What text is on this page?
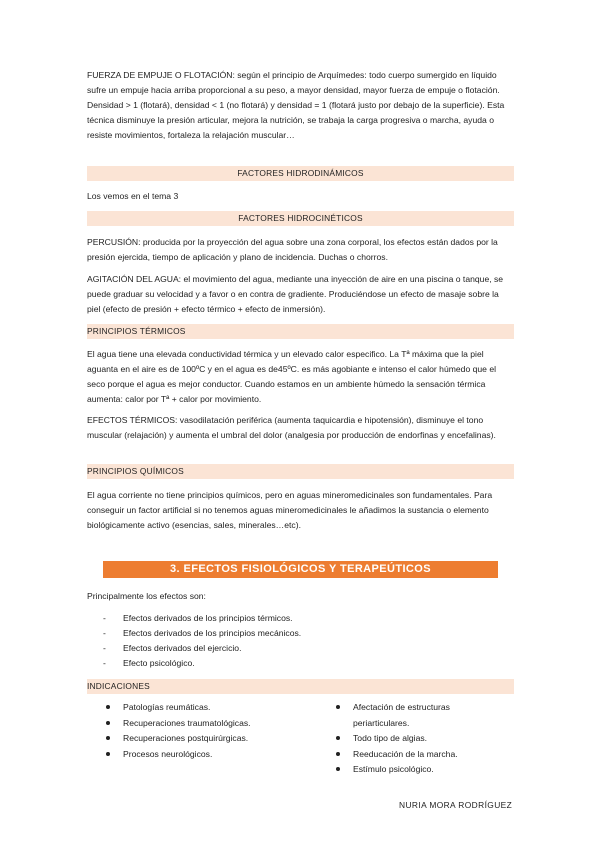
FUERZA DE EMPUJE O FLOTACIÓN: según el principio de Arquímedes: todo cuerpo sumergido en líquido sufre un empuje hacia arriba proporcional a su peso, a mayor densidad, mayor fuerza de empuje o flotación. Densidad > 1 (flotará), densidad < 1 (no flotará) y densidad = 1 (flotará justo por debajo de la superficie). Esta técnica disminuye la presión articular, mejora la nutrición, se trabaja la carga progresiva o marcha, ayuda o resiste movimientos, fortaleza la relajación muscular…

FACTORES HIDRODINÁMICOS

Los vemos en el tema 3

FACTORES HIDROCINÉTICOS

PERCUSIÓN: producida por la proyección del agua sobre una zona corporal, los efectos están dados por la presión ejercida, tiempo de aplicación y plano de incidencia. Duchas o chorros.

AGITACIÓN DEL AGUA: el movimiento del agua, mediante una inyección de aire en una piscina o tanque, se puede graduar su velocidad y a favor o en contra de gradiente. Produciéndose un efecto de masaje sobre la piel (efecto de presión + efecto térmico + efecto de inmersión).

PRINCIPIOS TÉRMICOS

El agua tiene una elevada conductividad térmica y un elevado calor especifico. La Tª máxima que la piel aguanta en el aire es de 100ºC y en el agua es de45ºC. es más agobiante e intenso el calor húmedo que el seco porque el agua es mejor conductor. Cuando estamos en un ambiente húmedo la sensación térmica aumenta: calor por Tª + calor por movimiento.

EFECTOS TÉRMICOS: vasodilatación periférica (aumenta taquicardia e hipotensión), disminuye el tono muscular (relajación) y aumenta el umbral del dolor (analgesia por producción de endorfinas y encefalinas).

PRINCIPIOS QUÍMICOS

El agua corriente no tiene principios químicos, pero en aguas mineromedicinales son fundamentales. Para conseguir un factor artificial si no tenemos aguas mineromedicinales le añadimos la sustancia o elemento biológicamente activo (esencias, sales, minerales…etc).

3. EFECTOS FISIOLÓGICOS Y TERAPEÚTICOS

Principalmente los efectos son:

- Efectos derivados de los principios térmicos.
- Efectos derivados de los principios mecánicos.
- Efectos derivados del ejercicio.
- Efecto psicológico.
INDICACIONES
Patologías reumáticas.
Recuperaciones traumatológicas.
Recuperaciones postquirúrgicas.
Procesos neurológicos.
Afectación de estructuras periarticulares.
Todo tipo de algias.
Reeducación de la marcha.
Estímulo psicológico.
NURIA MORA RODRÍGUEZ
